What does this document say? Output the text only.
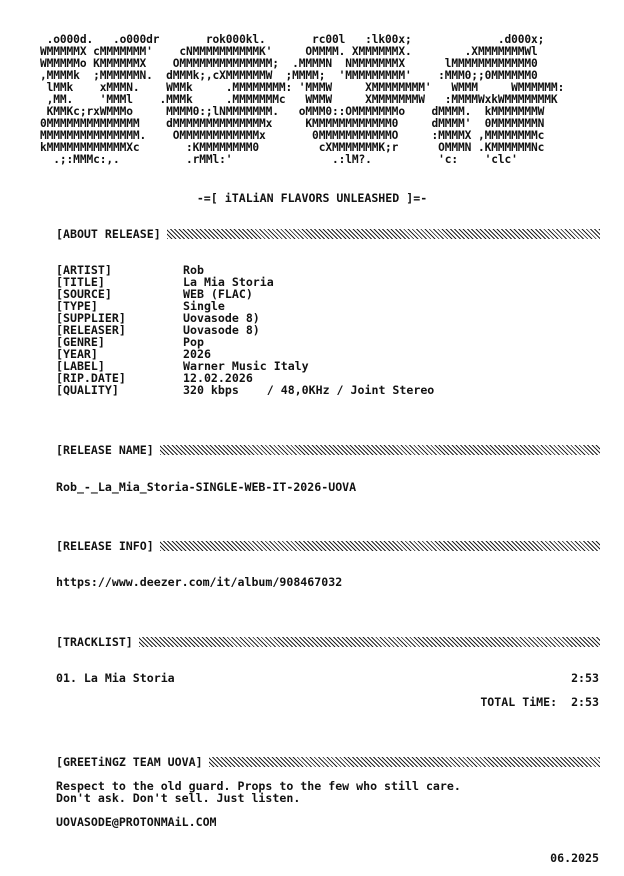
.o000d.   .o000dr       rok000kl.       rc00l   :lk00x;             .d000x;
WMMMMMX cMMMMMMM'    cNMMMMMMMMMMK'     OMMMM. XMMMMMMX.        .XMMMMMMMWl
WMMMMMo KMMMMMMX    OMMMMMMMMMMMMMM;  .MMMMN  NMMMMMMMX      lMMMMMMMMMMMM0
,MMMMk  ;MMMMMMN.  dMMMk;,cXMMMMMMW  ;MMMM;  'MMMMMMMMM'    :MMM0;;0MMMMMM0
lMMk    xMMMN.    WMMk     .MMMMMMMM: 'MMMW     XMMMMMMMM'   WMMM     WMMMMMM:
,MM.    'MMMl    .MMMk     .MMMMMMMc   WMMW     XMMMMMMMW   :MMMMWxkWMMMMMMMK
KMMKc;rxWMMMo     MMMM0:;lNMMMMMMM.   oMMM0::OMMMMMMMo    dMMMM.  kMMMMMMMW
0MMMMMMMMMMMMMM    dMMMMMMMMMMMMMMx     KMMMMMMMMMMMM0     dMMMM'  0MMMMMMMN
MMMMMMMMMMMMMMM.    OMMMMMMMMMMMMx       0MMMMMMMMMMMO     :MMMMX ,MMMMMMMMc
kMMMMMMMMMMMMXc       :KMMMMMMMM0         cXMMMMMMMK;r      OMMMN .KMMMMMMNc
.;:MMMc:,.          .rMMl:'               .:lM?.          'c:    'clc'
-=[ iTALiAN FLAVORS UNLEASHED ]=-
[ABOUT RELEASE]
[ARTIST]	Rob
[TITLE]	La Mia Storia
[SOURCE]	WEB (FLAC)
[TYPE]	Single
[SUPPLIER]	Uovasode 8)
[RELEASER]	Uovasode 8)
[GENRE]	Pop
[YEAR]	2026
[LABEL]	Warner Music Italy
[RIP.DATE]	12.02.2026
[QUALITY]	320 kbps    / 48,0KHz / Joint Stereo
[RELEASE NAME]
Rob_-_La_Mia_Storia-SINGLE-WEB-IT-2026-UOVA
[RELEASE INFO]
https://www.deezer.com/it/album/908467032
[TRACKLIST]
01. La Mia Storia	2:53
TOTAL TiME: 2:53
[GREETiNGZ TEAM UOVA]
Respect to the old guard. Props to the few who still care.
Don't ask. Don't sell. Just listen.
UOVASODE@PROTONMAiL.COM
06.2025
